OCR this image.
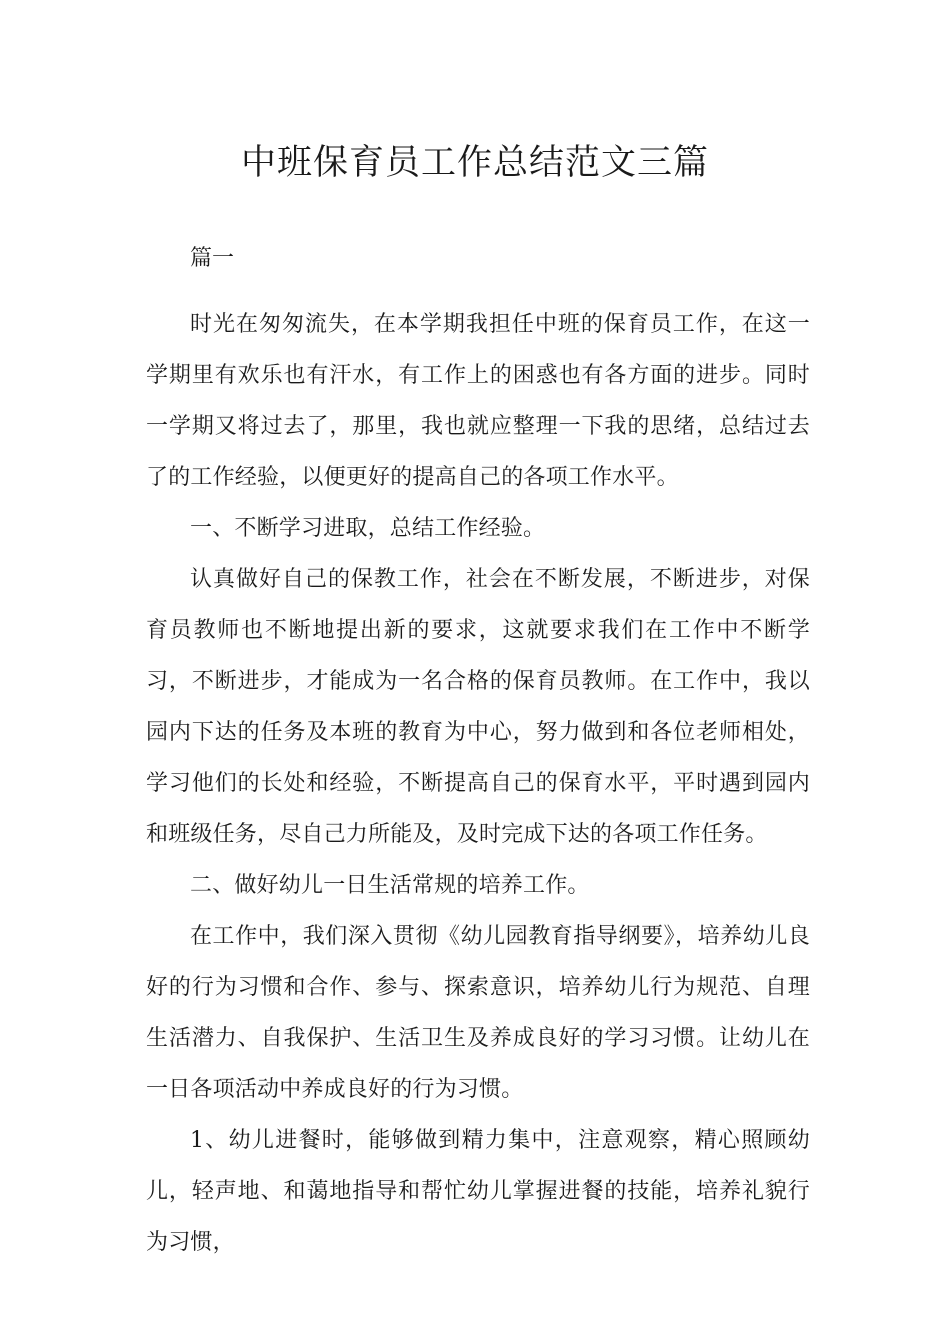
中班保育员工作总结范文三篇
篇一

时光在匆匆流失，在本学期我担任中班的保育员工作，在这一学期里有欢乐也有汗水，有工作上的困惑也有各方面的进步。同时一学期又将过去了，那里，我也就应整理一下我的思绪，总结过去了的工作经验，以便更好的提高自己的各项工作水平。

一、不断学习进取，总结工作经验。

认真做好自己的保教工作，社会在不断发展，不断进步，对保育员教师也不断地提出新的要求，这就要求我们在工作中不断学习，不断进步，才能成为一名合格的保育员教师。在工作中，我以园内下达的任务及本班的教育为中心，努力做到和各位老师相处，学习他们的长处和经验，不断提高自己的保育水平，平时遇到园内和班级任务，尽自己力所能及，及时完成下达的各项工作任务。

二、做好幼儿一日生活常规的培养工作。

在工作中，我们深入贯彻《幼儿园教育指导纲要》，培养幼儿良好的行为习惯和合作、参与、探索意识，培养幼儿行为规范、自理生活潜力、自我保护、生活卫生及养成良好的学习习惯。让幼儿在一日各项活动中养成良好的行为习惯。

1、幼儿进餐时，能够做到精力集中，注意观察，精心照顾幼儿，轻声地、和蔼地指导和帮忙幼儿掌握进餐的技能，培养礼貌行为习惯，
